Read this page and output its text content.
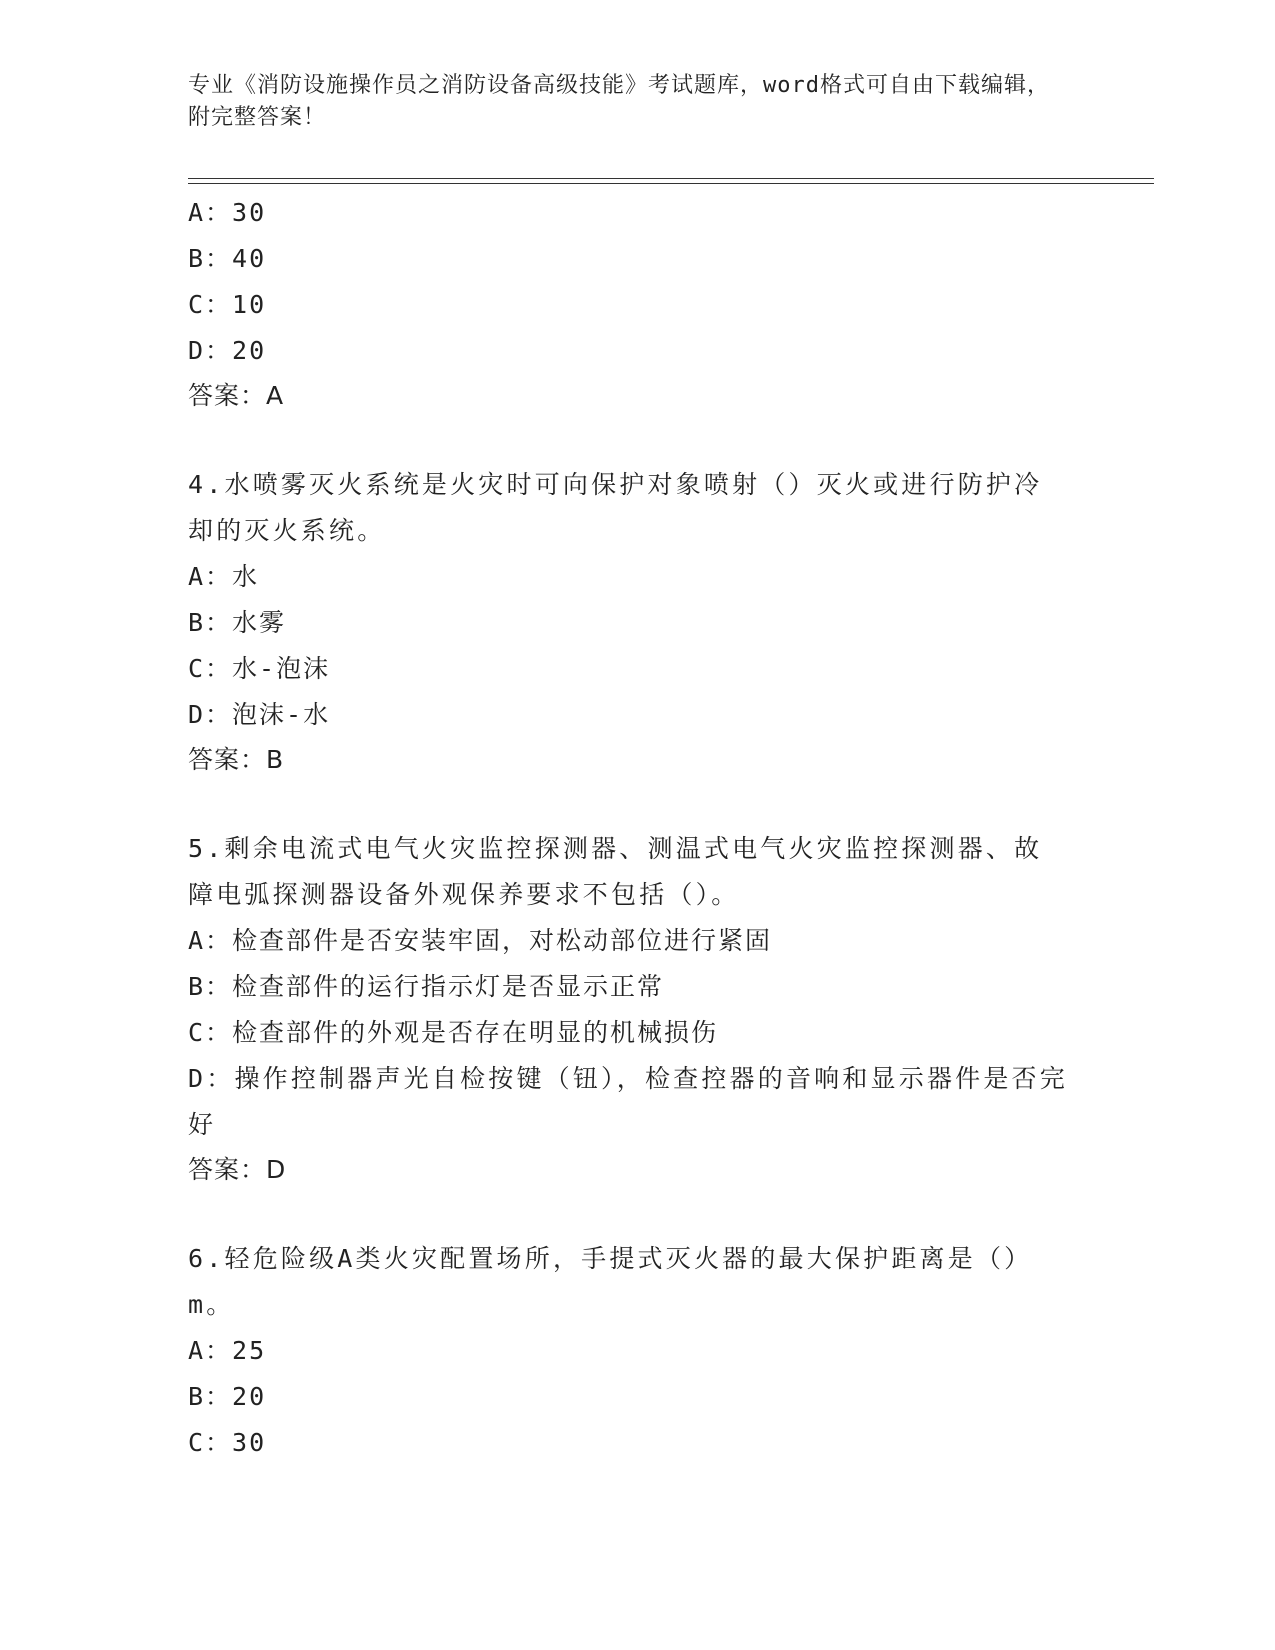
专业《消防设施操作员之消防设备高级技能》考试题库，word格式可自由下载编辑，附完整答案！
A：30
B：40
C：10
D：20
答案：A
4.水喷雾灭火系统是火灾时可向保护对象喷射（）灭火或进行防护冷却的灭火系统。
A：水
B：水雾
C：水-泡沫
D：泡沫-水
答案：B
5.剩余电流式电气火灾监控探测器、测温式电气火灾监控探测器、故障电弧探测器设备外观保养要求不包括（）。
A：检查部件是否安装牢固，对松动部位进行紧固
B：检查部件的运行指示灯是否显示正常
C：检查部件的外观是否存在明显的机械损伤
D：操作控制器声光自检按键（钮），检查控器的音响和显示器件是否完好
答案：D
6.轻危险级A类火灾配置场所，手提式灭火器的最大保护距离是（）m。
A：25
B：20
C：30
